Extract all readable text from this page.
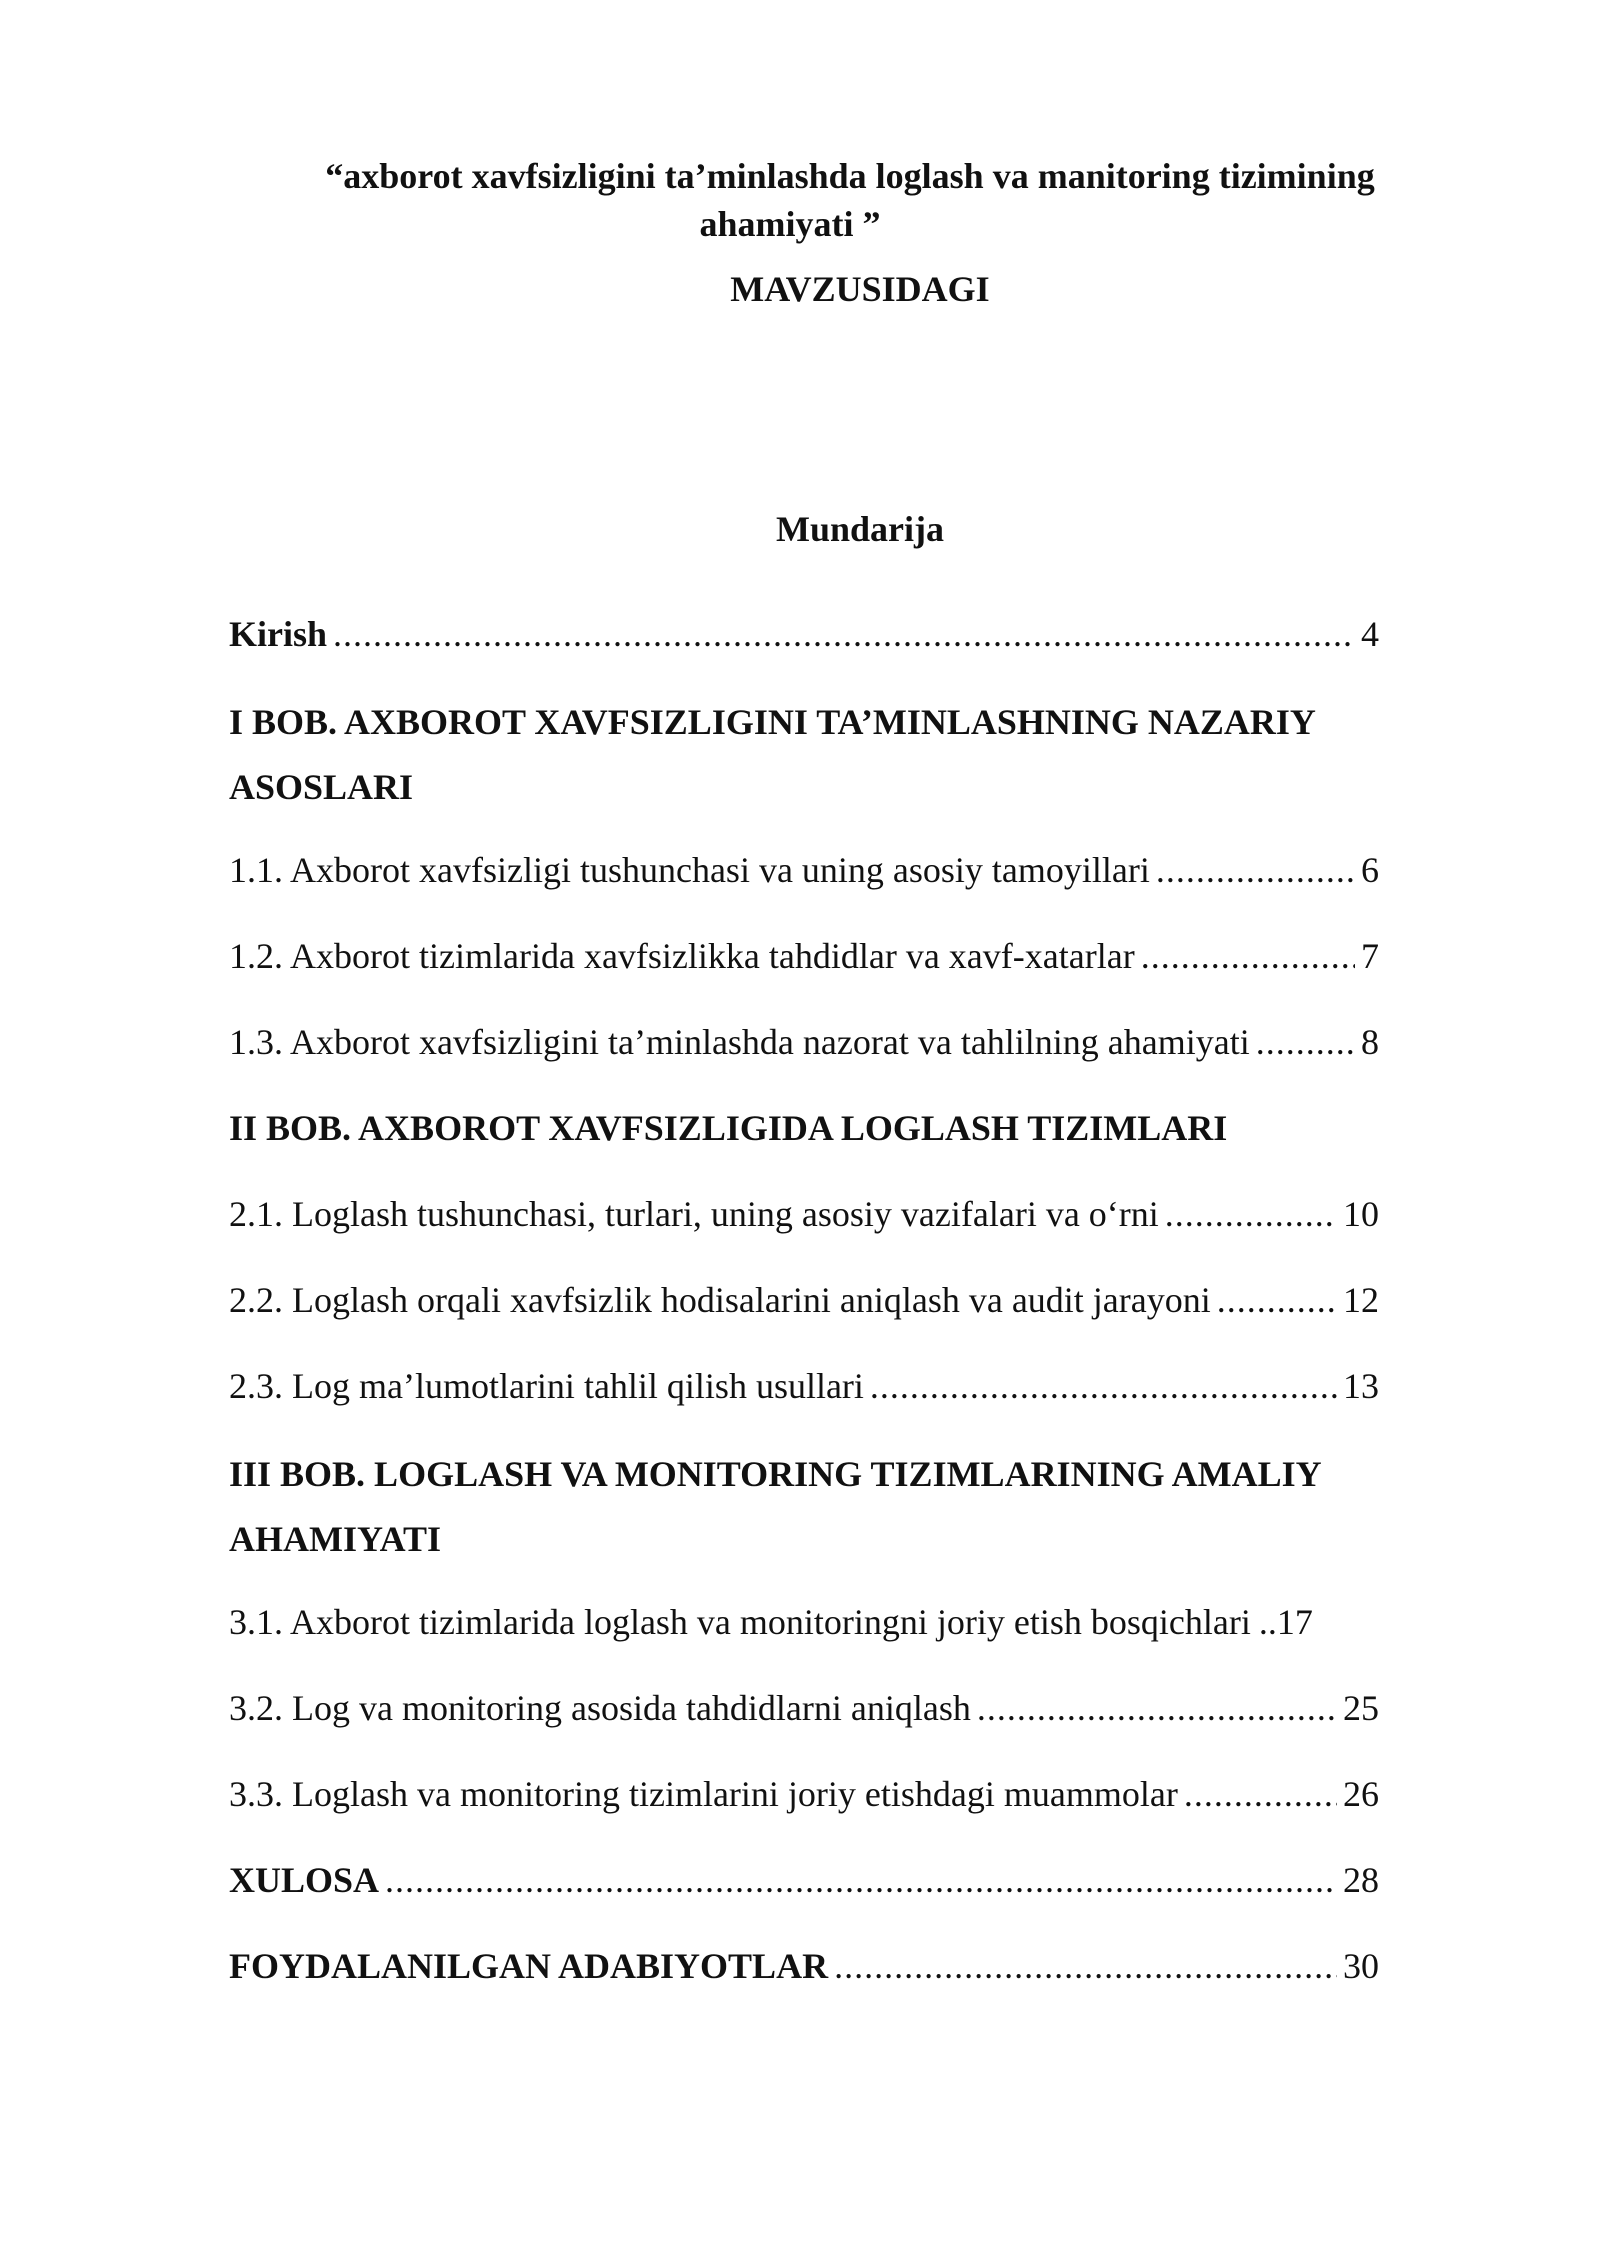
“axborot xavfsizligini ta’minlashda loglash va manitoring tizimining
ahamiyati ”
MAVZUSIDAGI
Mundarija
Kirish .....	4
I BOB. AXBOROT XAVFSIZLIGINI TA’MINLASHNING NAZARIY ASOSLARI
1.1. Axborot xavfsizligi tushunchasi va uning asosiy tamoyillari .....	6
1.2. Axborot tizimlarida xavfsizlikka tahdidlar va xavf-xatarlar .....	7
1.3. Axborot xavfsizligini ta’minlashda nazorat va tahlilning ahamiyati .....	8
II BOB. AXBOROT XAVFSIZLIGIDA LOGLASH TIZIMLARI
2.1. Loglash tushunchasi, turlari, uning asosiy vazifalari va o‘rni .....	10
2.2. Loglash orqali xavfsizlik hodisalarini aniqlash va audit jarayoni .....	12
2.3. Log ma’lumotlarini tahlil qilish usullari .....	13
III BOB. LOGLASH VA MONITORING TIZIMLARINING AMALIY AHAMIYATI
3.1. Axborot tizimlarida loglash va monitoringni joriy etish bosqichlari ..17
3.2. Log va monitoring asosida tahdidlarni aniqlash .....	25
3.3. Loglash va monitoring tizimlarini joriy etishdagi muammolar .....	26
XULOSA .....	28
FOYDALANILGAN ADABIYOTLAR .....	30
